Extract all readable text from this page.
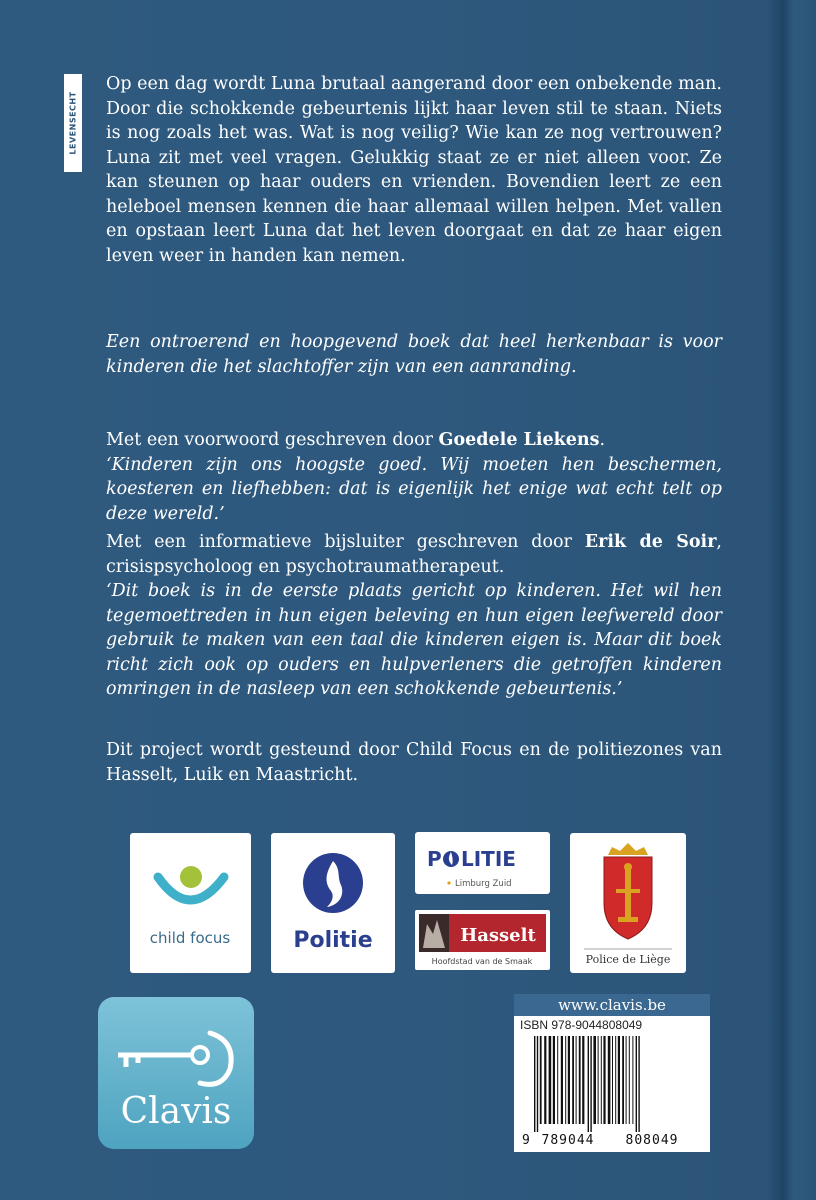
LEVENSECHT

Op een dag wordt Luna brutaal aangerand door een onbekende man. Door die schokkende gebeurtenis lijkt haar leven stil te staan. Niets is nog zoals het was. Wat is nog veilig? Wie kan ze nog vertrouwen? Luna zit met veel vragen. Gelukkig staat ze er niet alleen voor. Ze kan steunen op haar ouders en vrienden. Bovendien leert ze een heleboel mensen kennen die haar allemaal willen helpen. Met vallen en opstaan leert Luna dat het leven doorgaat en dat ze haar eigen leven weer in handen kan nemen.

Een ontroerend en hoopgevend boek dat heel herkenbaar is voor kinderen die het slachtoffer zijn van een aanranding.

Met een voorwoord geschreven door Goedele Liekens.

‘Kinderen zijn ons hoogste goed. Wij moeten hen beschermen, koesteren en liefhebben: dat is eigenlijk het enige wat echt telt op deze wereld.’

Met een informatieve bijsluiter geschreven door Erik de Soir, crisispsycholoog en psychotraumatherapeut.

‘Dit boek is in de eerste plaats gericht op kinderen. Het wil hen tegemoettreden in hun eigen beleving en hun eigen leefwereld door gebruik te maken van een taal die kinderen eigen is. Maar dit boek richt zich ook op ouders en hulpverleners die getroffen kinderen omringen in de nasleep van een schokkende gebeurtenis.’

Dit project wordt gesteund door Child Focus en de politiezones van Hasselt, Luik en Maastricht.

child focus	Politie
P LITIE
Limburg Zuid
Hasselt
Hoofdstad van de Smaak	Police de Liège
Clavis
www.clavis.be
ISBN 978-9044808049
9 789044 808049
